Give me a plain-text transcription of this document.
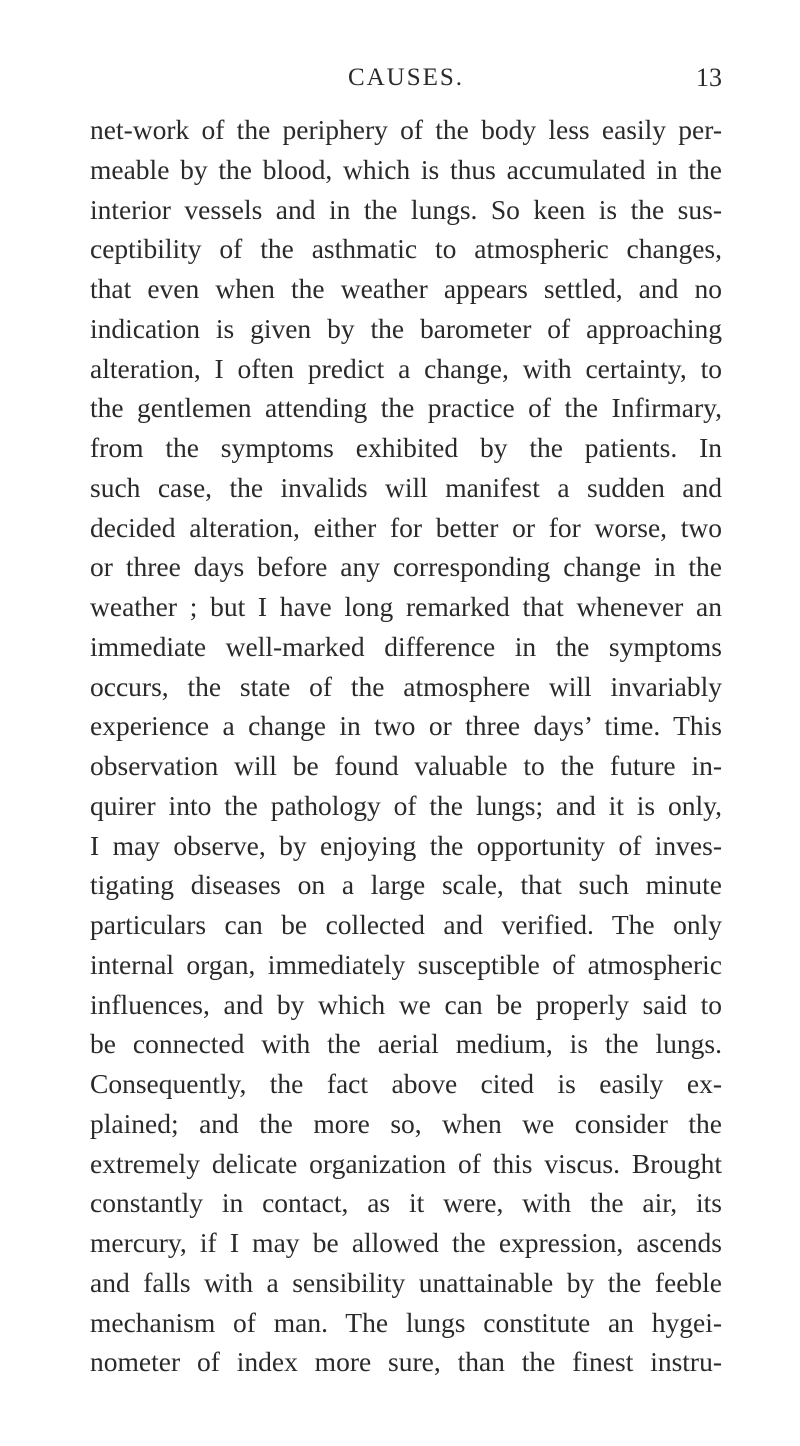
CAUSES.	13
net-work of the periphery of the body less easily per-
meable by the blood, which is thus accumulated in the
interior vessels and in the lungs. So keen is the sus-
ceptibility of the asthmatic to atmospheric changes,
that even when the weather appears settled, and no
indication is given by the barometer of approaching
alteration, I often predict a change, with certainty, to
the gentlemen attending the practice of the Infirmary,
from the symptoms exhibited by the patients. In
such case, the invalids will manifest a sudden and
decided alteration, either for better or for worse, two
or three days before any corresponding change in the
weather ; but I have long remarked that whenever an
immediate well-marked difference in the symptoms
occurs, the state of the atmosphere will invariably
experience a change in two or three days’ time. This
observation will be found valuable to the future in-
quirer into the pathology of the lungs; and it is only,
I may observe, by enjoying the opportunity of inves-
tigating diseases on a large scale, that such minute
particulars can be collected and verified. The only
internal organ, immediately susceptible of atmospheric
influences, and by which we can be properly said to
be connected with the aerial medium, is the lungs.
Consequently, the fact above cited is easily ex-
plained; and the more so, when we consider the
extremely delicate organization of this viscus. Brought
constantly in contact, as it were, with the air, its
mercury, if I may be allowed the expression, ascends
and falls with a sensibility unattainable by the feeble
mechanism of man. The lungs constitute an hygei-
nometer of index more sure, than the finest instru-
